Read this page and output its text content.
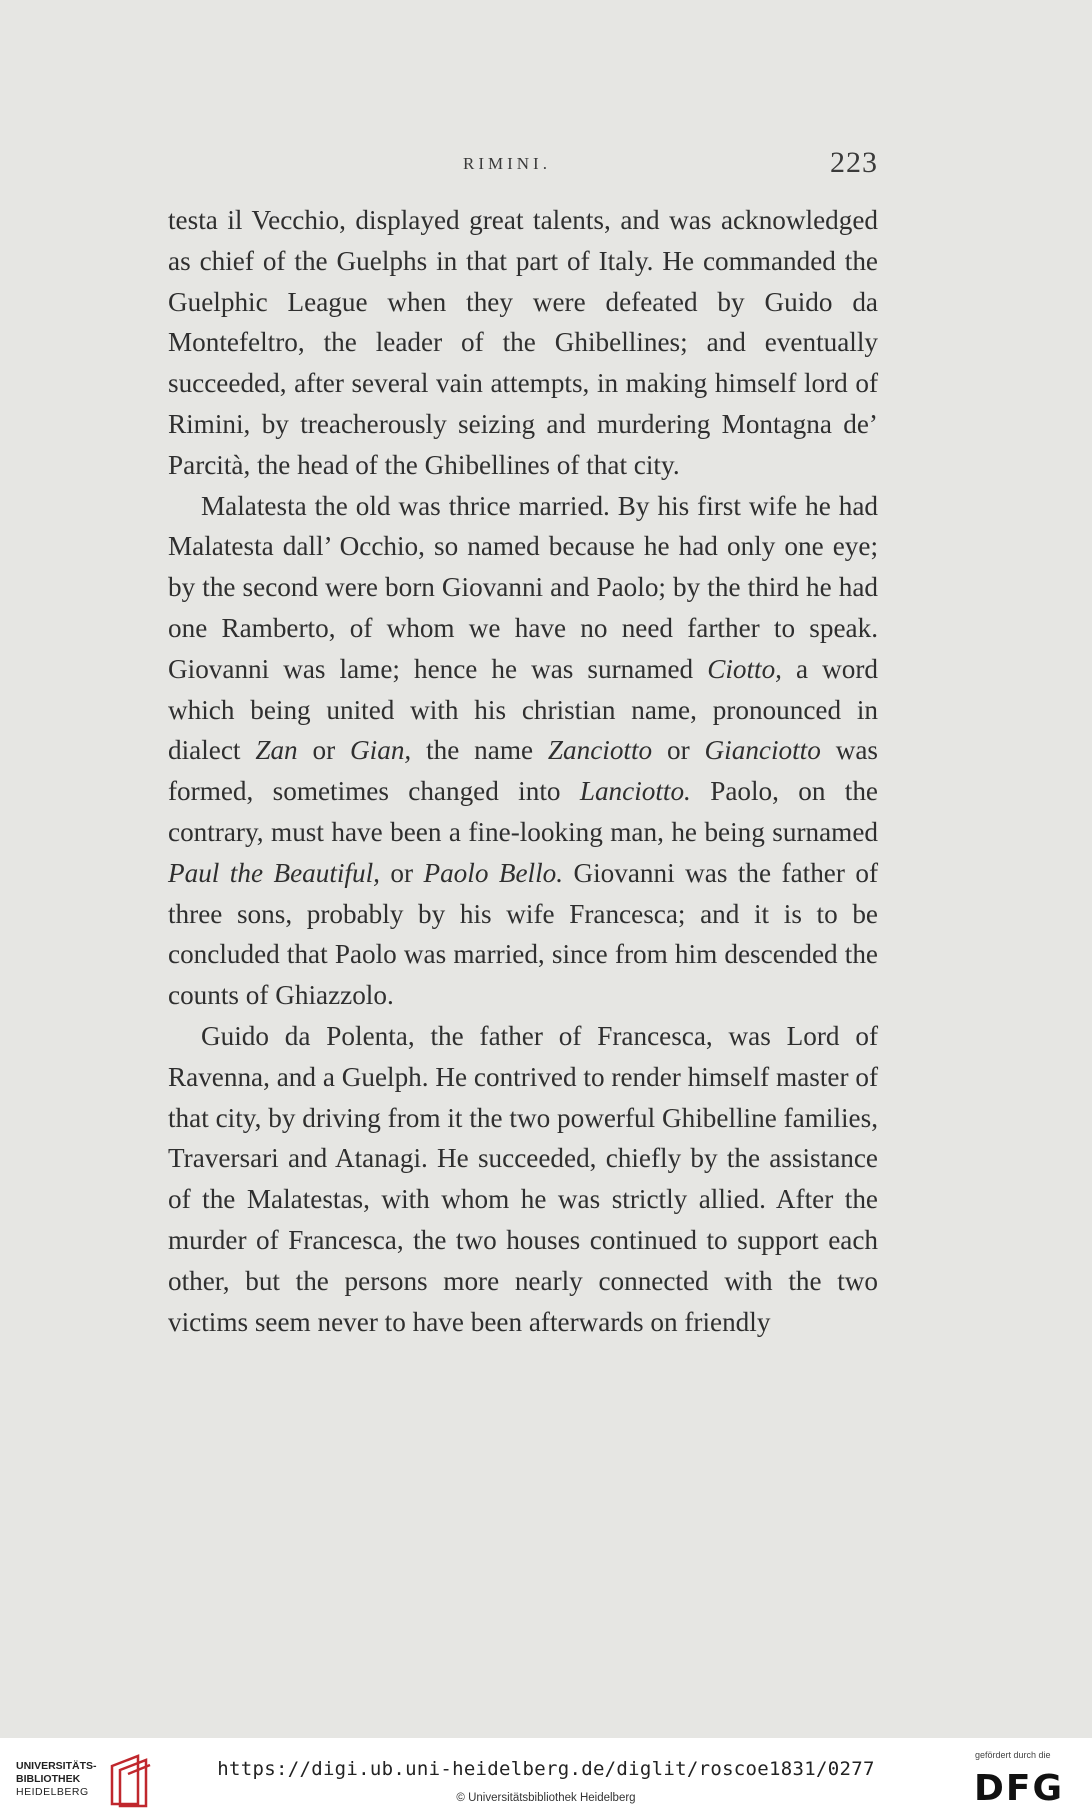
RIMINI.	223

testa il Vecchio, displayed great talents, and was acknowledged as chief of the Guelphs in that part of Italy. He commanded the Guelphic League when they were defeated by Guido da Montefeltro, the leader of the Ghibellines; and eventually succeeded, after several vain attempts, in making himself lord of Rimini, by treacherously seizing and murdering Montagna de’ Parcità, the head of the Ghibellines of that city.

Malatesta the old was thrice married. By his first wife he had Malatesta dall’ Occhio, so named because he had only one eye; by the second were born Giovanni and Paolo; by the third he had one Ramberto, of whom we have no need farther to speak. Giovanni was lame; hence he was surnamed Ciotto, a word which being united with his christian name, pronounced in dialect Zan or Gian, the name Zanciotto or Gianciotto was formed, sometimes changed into Lanciotto. Paolo, on the contrary, must have been a fine-looking man, he being surnamed Paul the Beautiful, or Paolo Bello. Giovanni was the father of three sons, probably by his wife Francesca; and it is to be concluded that Paolo was married, since from him descended the counts of Ghiazzolo.

Guido da Polenta, the father of Francesca, was Lord of Ravenna, and a Guelph. He contrived to render himself master of that city, by driving from it the two powerful Ghibelline families, Traversari and Atanagi. He succeeded, chiefly by the assistance of the Malatestas, with whom he was strictly allied. After the murder of Francesca, the two houses continued to support each other, but the persons more nearly connected with the two victims seem never to have been afterwards on friendly

UNIVERSITÄTS-
BIBLIOTHEK
HEIDELBERG
https://digi.ub.uni-heidelberg.de/diglit/roscoe1831/0277
© Universitätsbibliothek Heidelberg
gefördert durch die
DFG
